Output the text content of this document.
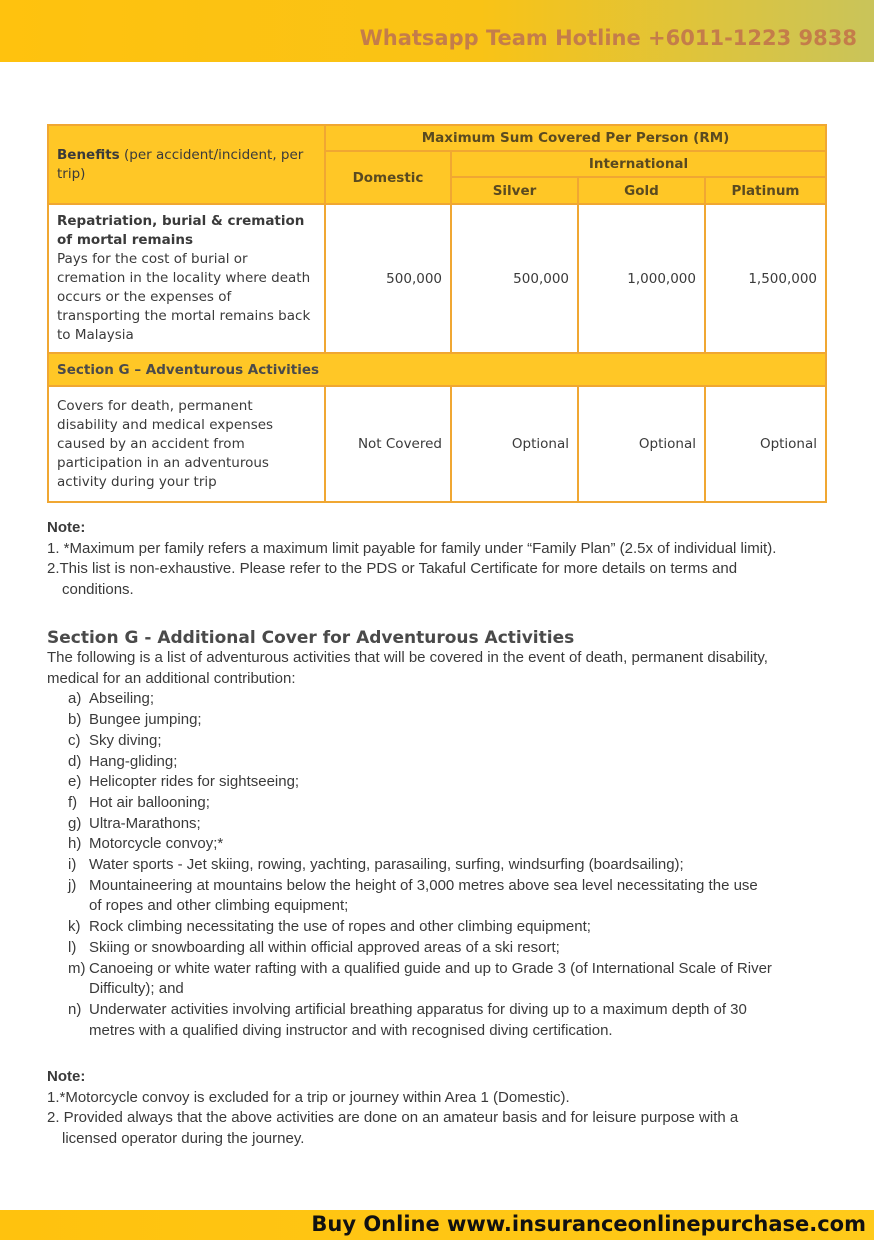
Whatsapp Team Hotline +6011-1223 9838
Benefits (per accident/incident, per trip)	Maximum Sum Covered Per Person (RM)			
	Domestic	International		
		Silver	Gold	Platinum

Repatriation, burial & cremation of mortal remains
Pays for the cost of burial or cremation in the locality where death occurs or the expenses of transporting the mortal remains back to Malaysia	500,000	500,000	1,000,000	1,500,000
Section G – Adventurous Activities				

Covers for death, permanent disability and medical expenses caused by an accident from participation in an adventurous activity during your trip	Not Covered	Optional	Optional	Optional
Note:
1. *Maximum per family refers a maximum limit payable for family under “Family Plan” (2.5x of individual limit).
2.This list is non-exhaustive. Please refer to the PDS or Takaful Certificate for more details on terms and
conditions.
Section G - Additional Cover for Adventurous Activities
The following is a list of adventurous activities that will be covered in the event of death, permanent disability,
medical for an additional contribution:
a) Abseiling;
b) Bungee jumping;
c) Sky diving;
d) Hang-gliding;
e) Helicopter rides for sightseeing;
f) Hot air ballooning;
g) Ultra-Marathons;
h) Motorcycle convoy;*
i) Water sports - Jet skiing, rowing, yachting, parasailing, surfing, windsurfing (boardsailing);
j) Mountaineering at mountains below the height of 3,000 metres above sea level necessitating the use
of ropes and other climbing equipment;
k) Rock climbing necessitating the use of ropes and other climbing equipment;
l) Skiing or snowboarding all within official approved areas of a ski resort;
m) Canoeing or white water rafting with a qualified guide and up to Grade 3 (of International Scale of River
Difficulty); and
n) Underwater activities involving artificial breathing apparatus for diving up to a maximum depth of 30
metres with a qualified diving instructor and with recognised diving certification.
Note:
1.*Motorcycle convoy is excluded for a trip or journey within Area 1 (Domestic).
2. Provided always that the above activities are done on an amateur basis and for leisure purpose with a
licensed operator during the journey.
Buy Online www.insuranceonlinepurchase.com
